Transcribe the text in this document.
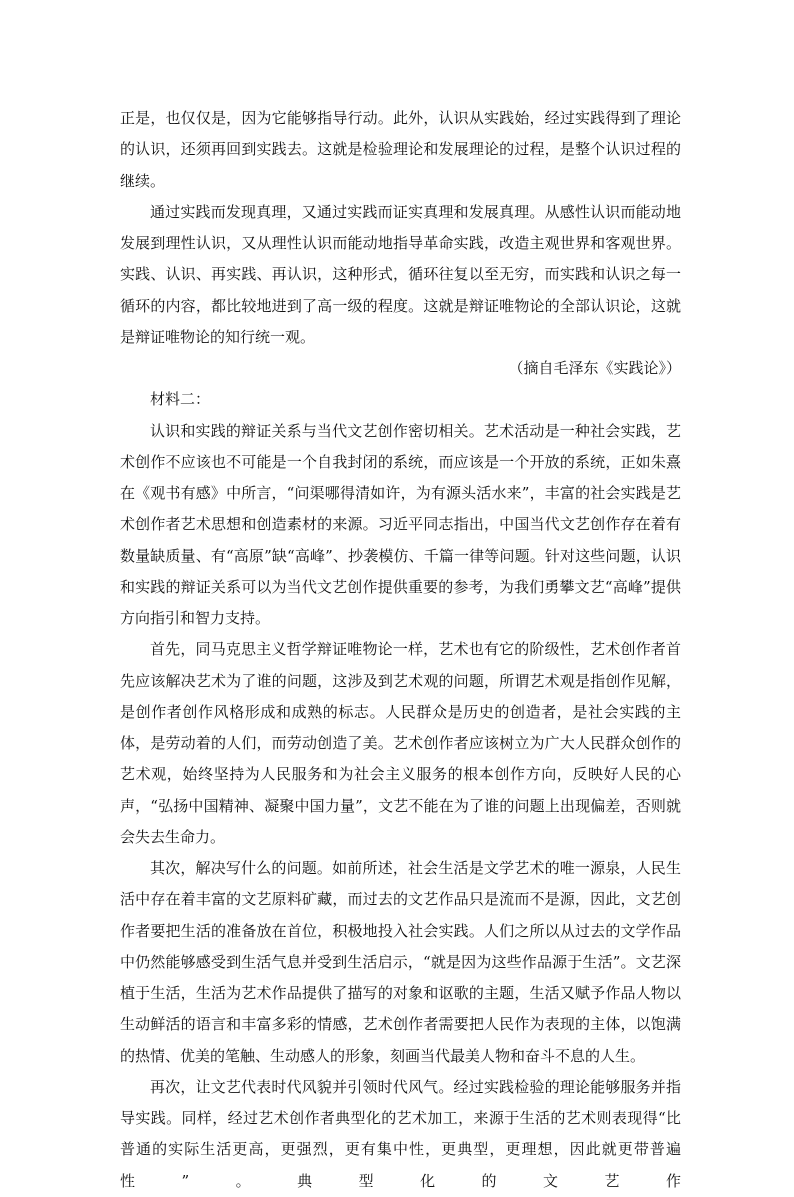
正是，也仅仅是，因为它能够指导行动。此外，认识从实践始，经过实践得到了理论的认识，还须再回到实践去。这就是检验理论和发展理论的过程，是整个认识过程的继续。

通过实践而发现真理，又通过实践而证实真理和发展真理。从感性认识而能动地发展到理性认识，又从理性认识而能动地指导革命实践，改造主观世界和客观世界。实践、认识、再实践、再认识，这种形式，循环往复以至无穷，而实践和认识之每一循环的内容，都比较地进到了高一级的程度。这就是辩证唯物论的全部认识论，这就是辩证唯物论的知行统一观。

（摘自毛泽东《实践论》）

材料二：

认识和实践的辩证关系与当代文艺创作密切相关。艺术活动是一种社会实践，艺术创作不应该也不可能是一个自我封闭的系统，而应该是一个开放的系统，正如朱熹在《观书有感》中所言，“问渠哪得清如许，为有源头活水来”，丰富的社会实践是艺术创作者艺术思想和创造素材的来源。习近平同志指出，中国当代文艺创作存在着有数量缺质量、有“高原”缺“高峰”、抄袭模仿、千篇一律等问题。针对这些问题，认识和实践的辩证关系可以为当代文艺创作提供重要的参考，为我们勇攀文艺“高峰”提供方向指引和智力支持。

首先，同马克思主义哲学辩证唯物论一样，艺术也有它的阶级性，艺术创作者首先应该解决艺术为了谁的问题，这涉及到艺术观的问题，所谓艺术观是指创作见解，是创作者创作风格形成和成熟的标志。人民群众是历史的创造者，是社会实践的主体，是劳动着的人们，而劳动创造了美。艺术创作者应该树立为广大人民群众创作的艺术观，始终坚持为人民服务和为社会主义服务的根本创作方向，反映好人民的心声，“弘扬中国精神、凝聚中国力量”，文艺不能在为了谁的问题上出现偏差，否则就会失去生命力。

其次，解决写什么的问题。如前所述，社会生活是文学艺术的唯一源泉，人民生活中存在着丰富的文艺原料矿藏，而过去的文艺作品只是流而不是源，因此，文艺创作者要把生活的准备放在首位，积极地投入社会实践。人们之所以从过去的文学作品中仍然能够感受到生活气息并受到生活启示，“就是因为这些作品源于生活”。文艺深植于生活，生活为艺术作品提供了描写的对象和讴歌的主题，生活又赋予作品人物以生动鲜活的语言和丰富多彩的情感，艺术创作者需要把人民作为表现的主体，以饱满的热情、优美的笔触、生动感人的形象，刻画当代最美人物和奋斗不息的人生。

再次，让文艺代表时代风貌并引领时代风气。经过实践检验的理论能够服务并指导实践。同样，经过艺术创作者典型化的艺术加工，来源于生活的艺术则表现得“比普通的实际生活更高，更强烈，更有集中性，更典型，更理想，因此就更带普遍性”。典型化的文艺作
